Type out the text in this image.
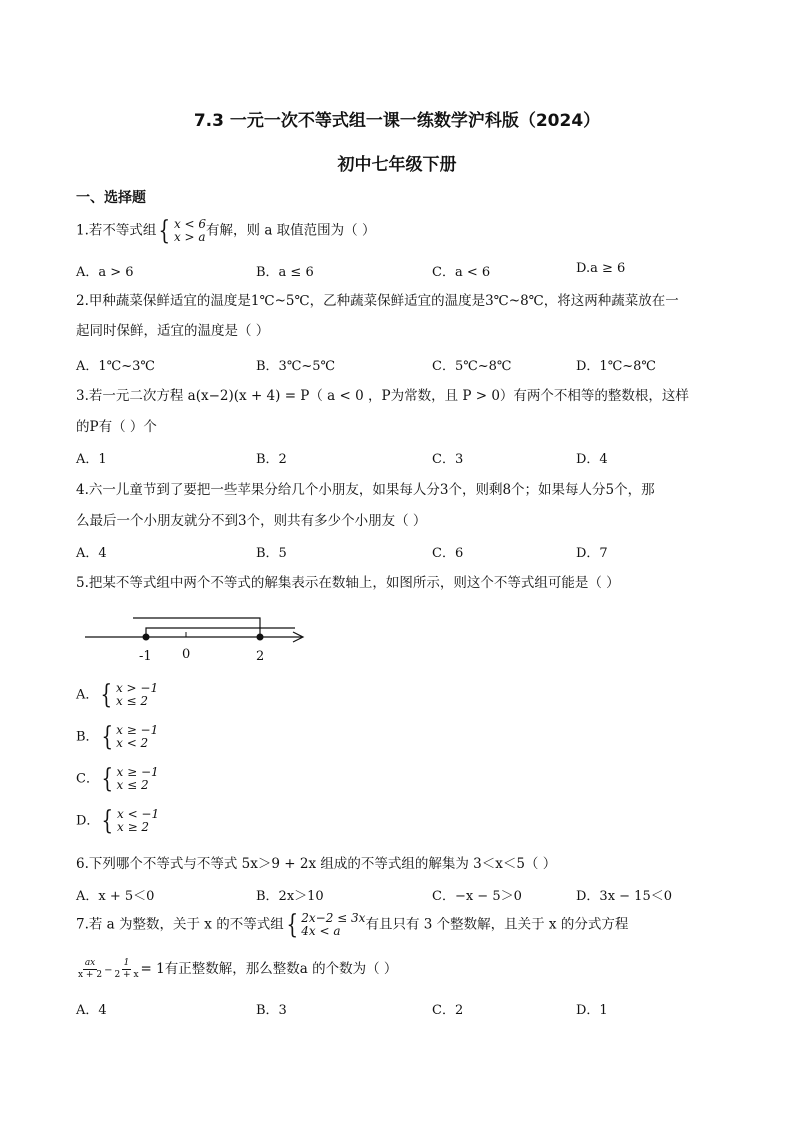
7.3 一元一次不等式组一课一练数学沪科版（2024）
初中七年级下册
一、选择题
1.若不等式组 { x < 6
x > a 有解，则 a 取值范围为（ ）
A．a > 6	B．a ≤ 6	C．a < 6	D.a ≥ 6
2.甲种蔬菜保鲜适宜的温度是1℃~5℃，乙种蔬菜保鲜适宜的温度是3℃~8℃，将这两种蔬菜放在一
起同时保鲜，适宜的温度是（ ）
A．1℃~3℃	B．3℃~5℃	C．5℃~8℃	D．1℃~8℃
3.若一元二次方程 a(x−2)(x + 4) = P（ a < 0 ，P为常数，且 P > 0）有两个不相等的整数根，这样
的P有（ ）个
A．1	B．2	C．3	D．4
4.六一儿童节到了要把一些苹果分给几个小朋友，如果每人分3个，则剩8个；如果每人分5个，那
么最后一个小朋友就分不到3个，则共有多少个小朋友（ ）
A．4	B．5	C．6	D．7
5.把某不等式组中两个不等式的解集表示在数轴上，如图所示，则这个不等式组可能是（ ）
-1 0	2
A． { x > −1
x ≤ 2
B． { x ≥ −1
x < 2
C． { x ≥ −1
x ≤ 2
D． { x < −1
x ≥ 2
6.下列哪个不等式与不等式 5x＞9 + 2x 组成的不等式组的解集为 3＜x＜5（ ）
A．x + 5＜0	B．2x＞10	C．−x − 5＞0	D．3x − 15＜0
7.若 a 为整数，关于 x 的不等式组 { 2x−2 ≤ 3x
4x < a	有且只有 3 个整数解，且关于 x 的分式方程
$\frac{ax}{x + 2} - \frac{1}{2 + x} = 1$有正整数解，那么整数a 的个数为（ ）
A．4	B．3	C．2	D．1
